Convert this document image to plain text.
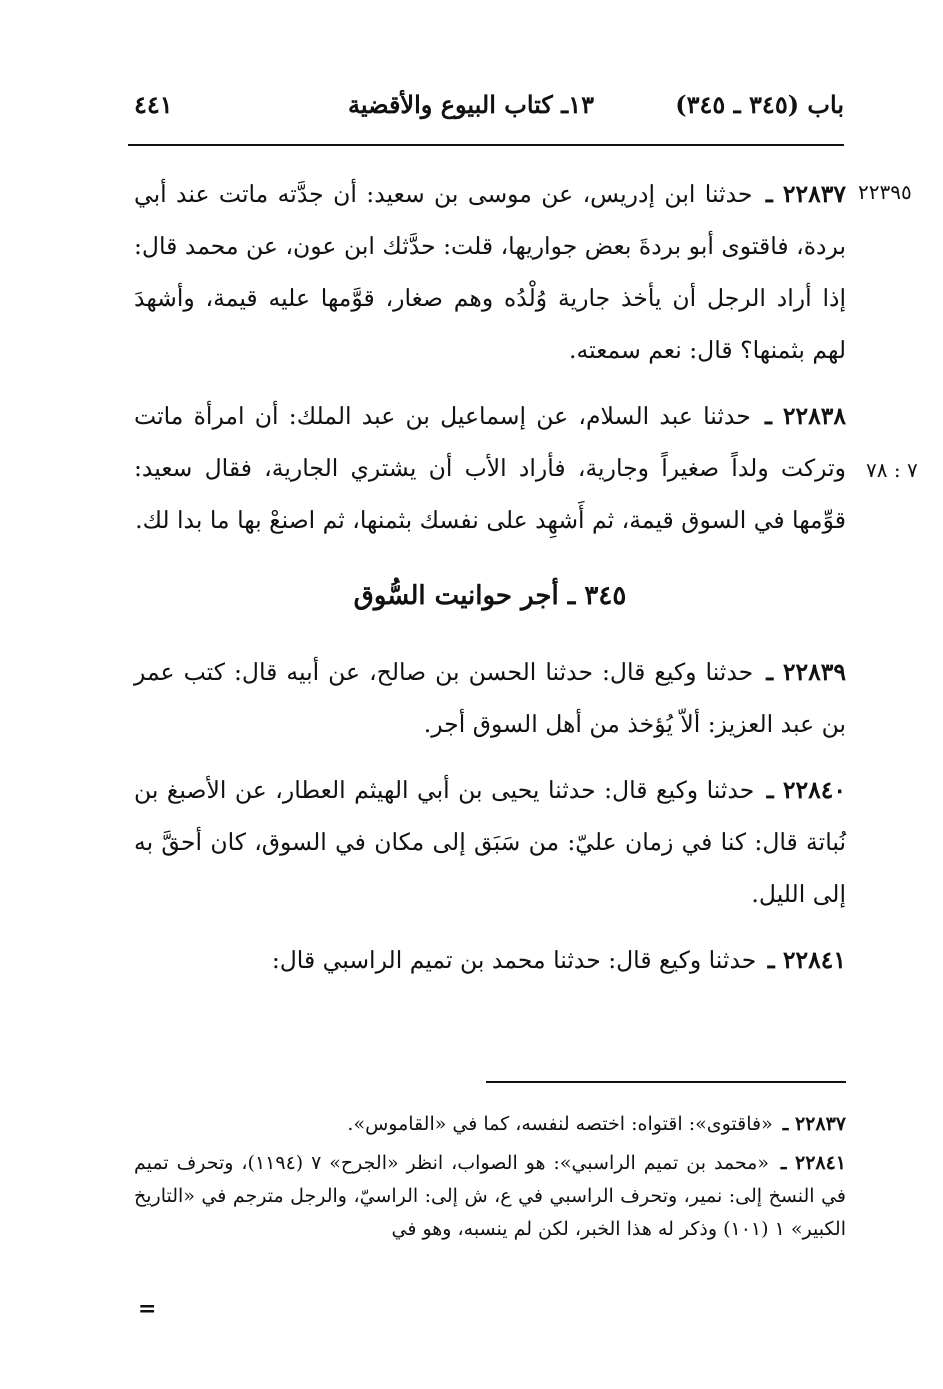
باب (٣٤٥ ـ ٣٤٥)
١٣ـ كتاب البيوع والأقضية
٤٤١
٢٢٣٩٥
٧ : ٧٨

٢٢٨٣٧ ـ حدثنا ابن إدريس، عن موسى بن سعيد: أن جدَّته ماتت عند أبي بردة، فاقتوى أبو بردةَ بعض جواريها، قلت: حدَّثك ابن عون، عن محمد قال: إذا أراد الرجل أن يأخذ جارية وُلْدُه وهم صغار، قوَّمها عليه قيمة، وأشهدَ لهم بثمنها؟ قال: نعم سمعته.

٢٢٨٣٨ ـ حدثنا عبد السلام، عن إسماعيل بن عبد الملك: أن امرأة ماتت وتركت ولداً صغيراً وجارية، فأراد الأب أن يشتري الجارية، فقال سعيد: قوِّمها في السوق قيمة، ثم أَشهِد على نفسك بثمنها، ثم اصنعْ بها ما بدا لك.

٣٤٥ ـ أجر حوانيت السُّوق

٢٢٨٣٩ ـ حدثنا وكيع قال: حدثنا الحسن بن صالح، عن أبيه قال: كتب عمر بن عبد العزيز: ألاّ يُؤخذ من أهل السوق أجر.

٢٢٨٤٠ ـ حدثنا وكيع قال: حدثنا يحيى بن أبي الهيثم العطار، عن الأصبغ بن نُباتة قال: كنا في زمان عليّ: من سَبَق إلى مكان في السوق، كان أحقَّ به إلى الليل.

٢٢٨٤١ ـ حدثنا وكيع قال: حدثنا محمد بن تميم الراسبي قال:

٢٢٨٣٧ ـ «فاقتوى»: اقتواه: اختصه لنفسه، كما في «القاموس».

٢٢٨٤١ ـ «محمد بن تميم الراسبي»: هو الصواب، انظر «الجرح» ٧ (١١٩٤)، وتحرف تميم في النسخ إلى: نمير، وتحرف الراسبي في ع، ش إلى: الراسيّ، والرجل مترجم في «التاريخ الكبير» ١ (١٠١) وذكر له هذا الخبر، لكن لم ينسبه، وهو في

=
